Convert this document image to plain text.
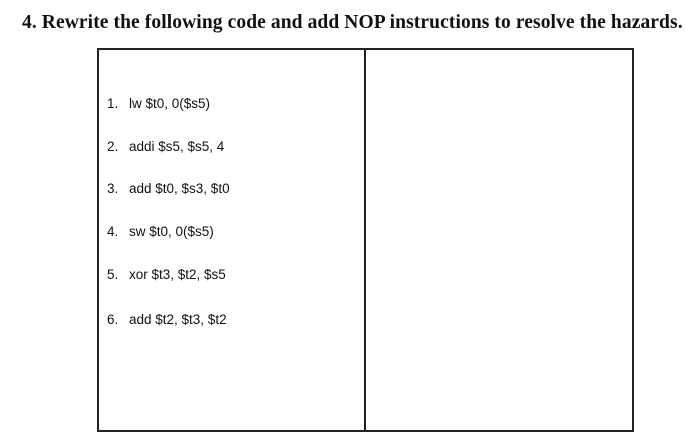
4. Rewrite the following code and add NOP instructions to resolve the hazards.
1. lw $t0, 0($s5)
2. addi $s5, $s5, 4
3. add $t0, $s3, $t0
4. sw $t0, 0($s5)
5. xor $t3, $t2, $s5
6. add $t2, $t3, $t2
